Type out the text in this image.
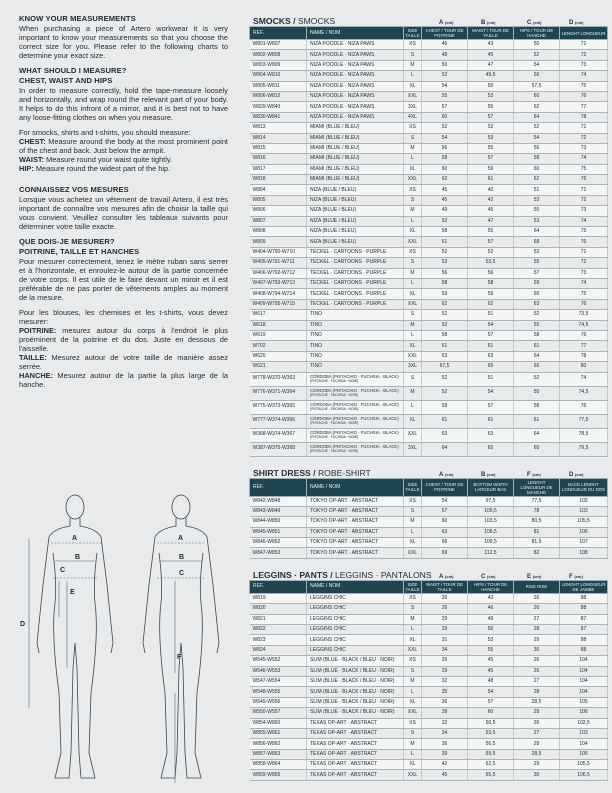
KNOW YOUR MEASUREMENTS

When purchasing a piece of Artero workwear it is very important to know your measurements so that you choose the correct size for you. Please refer to the following charts to determine your exact size.

WHAT SHOULD I MEASURE?
CHEST, WAIST AND HIPS

In order to measure correctly, hold the tape-measure loosely and horizontally, and wrap round the relevant part of your body. It helps to do this infront of a mirror, and it is best not to have any loose-fitting clothes on when you measure.

For smocks, shirts and t-shirts, you should measure:

CHEST: Measure around the body at the most prominent point of the chest and back. Just below the armpit.

WAIST: Measure round your waist quite tightly.

HIP: Measure round the widest part of the hip.

CONNAISSEZ VOS MESURES

Lorsque vous achetez un vêtement de travail Artero, il est très important de connaître vos mesures afin de choisir la taille qui vous convient. Veuillez consulter les tableaux suivants pour déterminer votre taille exacte.

QUE DOIS-JE MESURER?
POITRINE, TAILLE ET HANCHES

Pour mesurer correctement, tenez le mètre ruban sans serrer et à l'horizontale, et enroulez-le autour de la partie concernée de votre corps. Il est utile de le faire devant un miroir et il est préférable de ne pas porter de vêtements amples au moment de la mesure.

Pour les blouses, les chemises et les t-shirts, vous devez mesurer:

POITRINE: mesurez autour du corps à l'endroit le plus proéminent de la poitrine et du dos. Juste en dessous de l'aisselle.

TAILLE: Mesurez autour de votre taille de manière assez serrée.

HANCHE: Mesurez autour de la partie la plus large de la hanche.

A
B
C
D
E
F
A
B
C
SMOCKS / SMOCKS	A (cm)	B (cm)	C (cm)	D (cm)
REF.	NAME / NOM	SIZE TAILLE	CHEST / TOUR DE POITRINE	WAIST / TOUR DE TAILLE	HIPS / TOUR DE HANCHE	LENGHT LONGUEUR
W801-W807	NIZA POODLE · NIZA PAWS	XS	46	43	50	71
W802-W808	NIZA POODLE · NIZA PAWS	S	48	45	52	72
W803-W809	NIZA POODLE · NIZA PAWS	M	50	47	54	73
W804-W810	NIZA POODLE · NIZA PAWS	L	52	49,5	56	74
W805-W811	NIZA POODLE · NIZA PAWS	XL	54	50	57,5	75
W806-W812	NIZA POODLE · NIZA PAWS	XXL	55	53	60	76
W829-W840	NIZA POODLE · NIZA PAWS	3XL	57	55	62	77
W830-W841	NIZA POODLE · NIZA PAWS	4XL	60	57	64	78
W813	MIAMI (BLUE / BLEU)	XS	52	52	52	71
W814	MIAMI (BLUE / BLEU)	S	54	53	54	72
W815	MIAMI (BLUE / BLEU)	M	56	55	56	73
W816	MIAMI (BLUE / BLEU)	L	58	57	58	74
W817	MIAMI (BLUE / BLEU)	XL	60	59	60	75
W818	MIAMI (BLUE / BLEU)	XXL	62	61	62	76
W804	NIZA (BLUE / BLEU)	XS	45	40	51	71
W805	NIZA (BLUE / BLEU)	S	45	42	53	72
W806	NIZA (BLUE / BLEU)	M	49	45	55	73
W807	NIZA (BLUE / BLEU)	L	52	47	53	74
W808	NIZA (BLUE / BLEU)	XL	58	55	64	75
W809	NIZA (BLUE / BLEU)	XXL	61	57	68	76
W404-W790-W710	TECKEL · CARTOONS · PURPLE	XS	52	52	53	71
W405-W791-W711	TECKEL · CARTOONS · PURPLE	S	53	53,5	55	72
W406-W792-W712	TECKEL · CARTOONS · PURPLE	M	56	56	57	73
W407-W793-W713	TECKEL · CARTOONS · PURPLE	L	58	58	59	74
W408-W794-W714	TECKEL · CARTOONS · PURPLE	XL	59	59	60	75
W409-W795-W715	TECKEL · CARTOONS · PURPLE	XXL	62	62	63	76
W617	TINO	S	52	51	52	73,5
W618	TINO	M	52	54	55	74,5
W619	TINO	L	58	57	58	76
W702	TINO	XL	61	61	61	77
W620	TINO	XXL	63	63	64	78
W621	TINO	3XL	67,5	65	66	80
W778-W370-W363	CÓRDOBA (PISTACHIO · FUCHSIA · BLACK)
(PISTACHE · FUCHSIA · NOIR)	S	52	51	52	74
W776-W371-W364	CÓRDOBA (PISTACHIO · FUCHSIA · BLACK)
(PISTACHE · FUCHSIA · NOIR)	M	52	54	55	74,5
W775-W373-W365	CÓRDOBA (PISTACHIO · FUCHSIA · BLACK)
(PISTACHE · FUCHSIA · NOIR)	L	58	57	58	76
W777-W374-W366	CÓRDOBA (PISTACHIO · FUCHSIA · BLACK)
(PISTACHE · FUCHSIA · NOIR)	XL	61	61	61	77,5
W368-W374-W367	CÓRDOBA (PISTACHIO · FUCHSIA · BLACK)
(PISTACHE · FUCHSIA · NOIR)	XXL	63	63	64	78,5
W387-W375-W368	CÓRDOBA (PISTACHIO · FUCHSIA · BLACK)
(PISTACHE · FUCHSIA · NOIR)	3XL	64	65	65	79,5
SHIRT DRESS / ROBE-SHIRT	A (cm)	B (cm)	F (cm)	D (cm)
REF.	NAME / NOM	SIZE TAILLE	CHEST / TOUR DE POITRINE	BOTTOM WIDTH LARGEUR BAS	LENGHT LONGUEUR DE MANCHE	BACK LENGHT LONGUEUR DU DOS
W842-W848	TOKYO OP-ART · ABSTRACT	XS	54	97,5	77,5	102
W843-W849	TOKYO OP-ART · ABSTRACT	S	57	100,5	78	103
W844-W850	TOKYO OP-ART · ABSTRACT	M	60	103,5	80,5	105,5
W845-W851	TOKYO OP-ART · ABSTRACT	L	63	106,5	81	106
W846-W852	TOKYO OP-ART · ABSTRACT	XL	66	109,5	81,5	107
W847-W853	TOKYO OP-ART · ABSTRACT	XXL	69	112,5	82	108
LEGGINS · PANTS / LEGGINS · PANTALONS A (cm)	C (cm)	E (cm)	F (cm)
REF.	NAME / NOM	SIZE TAILLE	WAIST / TOUR DE TAILLE	HIPS / TOUR DE HANCHE	RISE RISE	LENGHT LONGUEUR DE JAMBE
W819	LEGGINS CHIC	XS	26	43	26	88
W820	LEGGINS CHIC	S	26	46	26	88
W821	LEGGINS CHIC	M	29	49	27	87
W822	LEGGINS CHIC	L	29	50	28	87
W823	LEGGINS CHIC	XL	31	53	29	88
W824	LEGGINS CHIC	XXL	34	55	30	88
W545-W552	SLIM (BLUE · BLACK / BLEU · NOIR)	XS	26	45	26	104
W546-W553	SLIM (BLUE · BLACK / BLEU · NOIR)	S	29	45	26	104
W547-W554	SLIM (BLUE · BLACK / BLEU · NOIR)	M	32	48	27	104
W548-W555	SLIM (BLUE · BLACK / BLEU · NOIR)	L	35	54	28	104
W549-W556	SLIM (BLUE · BLACK / BLEU · NOIR)	XL	36	57	28,5	105
W550-W557	SLIM (BLUE · BLACK / BLEU · NOIR)	XXL	39	60	29	106
W854-W860	TEXAS OP-ART · ABSTRACT	XS	32	50,5	26	102,5
W855-W861	TEXAS OP-ART · ABSTRACT	S	34	53,5	27	103
W856-W862	TEXAS OP-ART · ABSTRACT	M	36	56,5	28	104
W857-W863	TEXAS OP-ART · ABSTRACT	L	39	59,5	28,5	105
W858-W864	TEXAS OP-ART · ABSTRACT	XL	42	62,5	29	105,5
W859-W865	TEXAS OP-ART · ABSTRACT	XXL	45	65,5	30	106,5
